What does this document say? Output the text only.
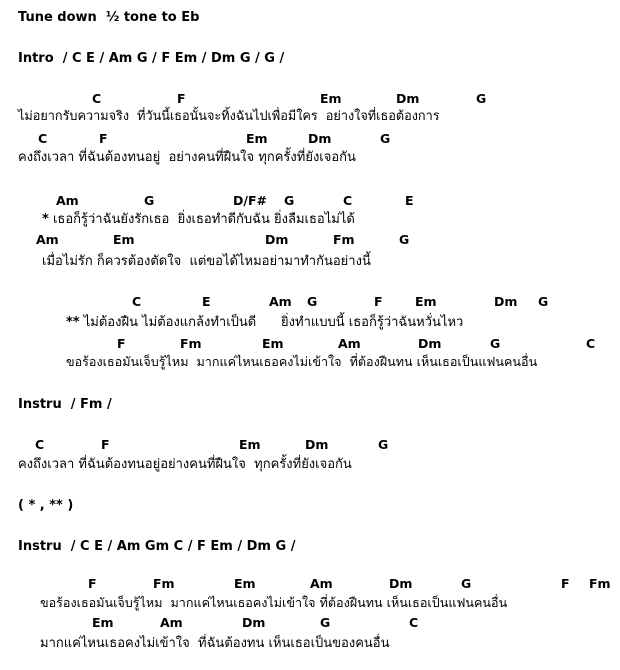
Tune down  ½ tone to Eb
Intro  / C E / Am G / F Em / Dm G / G /
C	F	Em	Dm	G
ไม่อยากรับความจริง  ที่วันนี้เธอนั้นจะทิ้งฉันไปเพื่อมีใคร  อย่างใจที่เธอต้องการ
C	F	Em	Dm	G
คงถึงเวลา ที่ฉันต้องทนอยู่  อย่างคนที่ฝืนใจ ทุกครั้งที่ยังเจอกัน
Am	G	D/F# G	C	E
* เธอก็รู้ว่าฉันยังรักเธอ  ยิ่งเธอทำดีกับฉัน ยิ่งลืมเธอไม่ได้
Am	Em	Dm	Fm	G
เมื่อไม่รัก ก็ควรต้องตัดใจ  แต่ขอได้ไหมอย่ามาทำกันอย่างนี้
C	E	Am G	F	Em	Dm G
** ไม่ต้องฝืน ไม่ต้องแกล้งทำเป็นดี      ยิ่งทำแบบนี้ เธอก็รู้ว่าฉันหวั่นไหว
F	Fm	Em	Am	Dm	G	C
ขอร้องเธอมันเจ็บรู้ไหม  มากแค่ไหนเธอคงไม่เข้าใจ  ที่ต้องฝืนทน เห็นเธอเป็นแฟนคนอื่น
Instru  / Fm /
C	F	Em	Dm	G
คงถึงเวลา ที่ฉันต้องทนอยู่อย่างคนที่ฝืนใจ  ทุกครั้งที่ยังเจอกัน
( * , ** )
Instru  / C E / Am Gm C / F Em / Dm G /
F	Fm	Em	Am	Dm	G	F Fm
ขอร้องเธอมันเจ็บรู้ไหม  มากแค่ไหนเธอคงไม่เข้าใจ ที่ต้องฝืนทน เห็นเธอเป็นแฟนคนอื่น
Em	Am	Dm	G	C
มากแค่ไหนเธอคงไม่เข้าใจ  ที่ฉันต้องทน เห็นเธอเป็นของคนอื่น
